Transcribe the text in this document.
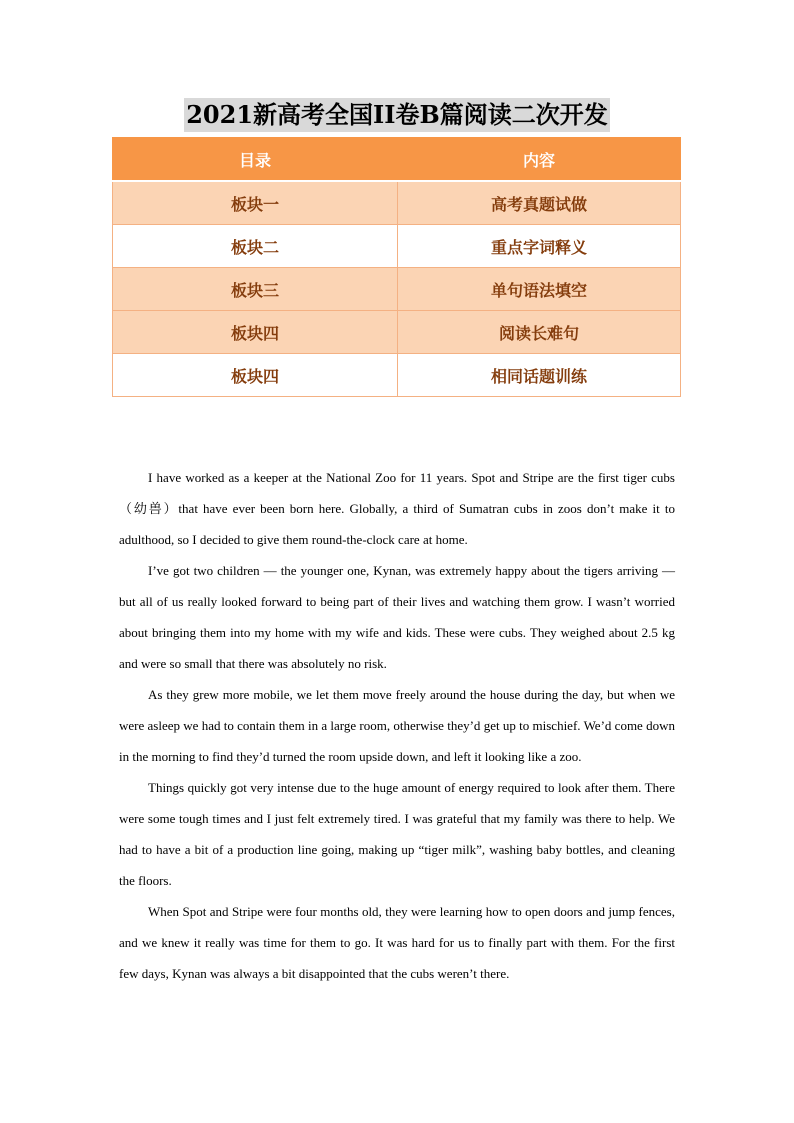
2021新高考全国II卷B篇阅读二次开发
目录	内容
板块一	高考真题试做
板块二	重点字词释义
板块三	单句语法填空
板块四	阅读长难句
板块四	相同话题训练

I have worked as a keeper at the National Zoo for 11 years. Spot and Stripe are the first tiger cubs（幼兽）that have ever been born here. Globally, a third of Sumatran cubs in zoos don’t make it to adulthood, so I decided to give them round-the-clock care at home.

I’ve got two children — the younger one, Kynan, was extremely happy about the tigers arriving — but all of us really looked forward to being part of their lives and watching them grow. I wasn’t worried about bringing them into my home with my wife and kids. These were cubs. They weighed about 2.5 kg and were so small that there was absolutely no risk.

As they grew more mobile, we let them move freely around the house during the day, but when we were asleep we had to contain them in a large room, otherwise they’d get up to mischief. We’d come down in the morning to find they’d turned the room upside down, and left it looking like a zoo.

Things quickly got very intense due to the huge amount of energy required to look after them. There were some tough times and I just felt extremely tired. I was grateful that my family was there to help. We had to have a bit of a production line going, making up “tiger milk”, washing baby bottles, and cleaning the floors.

When Spot and Stripe were four months old, they were learning how to open doors and jump fences, and we knew it really was time for them to go. It was hard for us to finally part with them. For the first few days, Kynan was always a bit disappointed that the cubs weren’t there.
